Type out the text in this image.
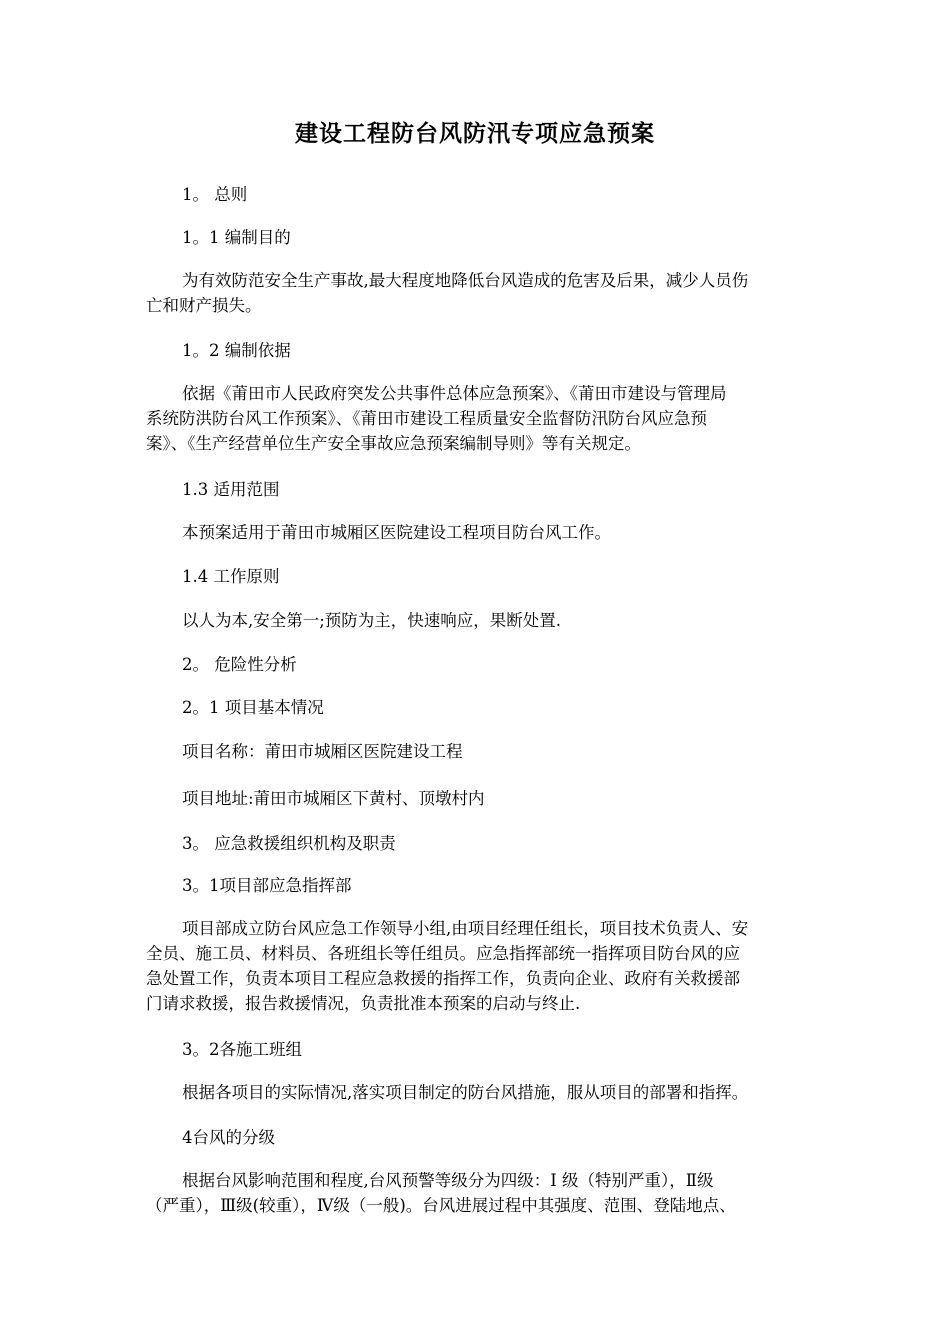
建设工程防台风防汛专项应急预案

1。 总则

1。1 编制目的

为有效防范安全生产事故,最大程度地降低台风造成的危害及后果，减少人员伤
亡和财产损失。

1。2 编制依据

依据《莆田市人民政府突发公共事件总体应急预案》、《莆田市建设与管理局
系统防洪防台风工作预案》、《莆田市建设工程质量安全监督防汛防台风应急预
案》、《生产经营单位生产安全事故应急预案编制导则》等有关规定。

1.3 适用范围

本预案适用于莆田市城厢区医院建设工程项目防台风工作。

1.4 工作原则

以人为本,安全第一;预防为主，快速响应，果断处置.

2。 危险性分析

2。1 项目基本情况

项目名称：莆田市城厢区医院建设工程

项目地址:莆田市城厢区下黄村、顶墩村内

3。 应急救援组织机构及职责

3。1项目部应急指挥部

项目部成立防台风应急工作领导小组,由项目经理任组长，项目技术负责人、安
全员、施工员、材料员、各班组长等任组员。应急指挥部统一指挥项目防台风的应
急处置工作，负责本项目工程应急救援的指挥工作，负责向企业、政府有关救援部
门请求救援，报告救援情况，负责批准本预案的启动与终止.

3。2各施工班组

根据各项目的实际情况,落实项目制定的防台风措施，服从项目的部署和指挥。

4台风的分级

根据台风影响范围和程度,台风预警等级分为四级：Ⅰ 级（特别严重），Ⅱ级
（严重），Ⅲ级(较重），Ⅳ级（一般)。台风进展过程中其强度、范围、登陆地点、
